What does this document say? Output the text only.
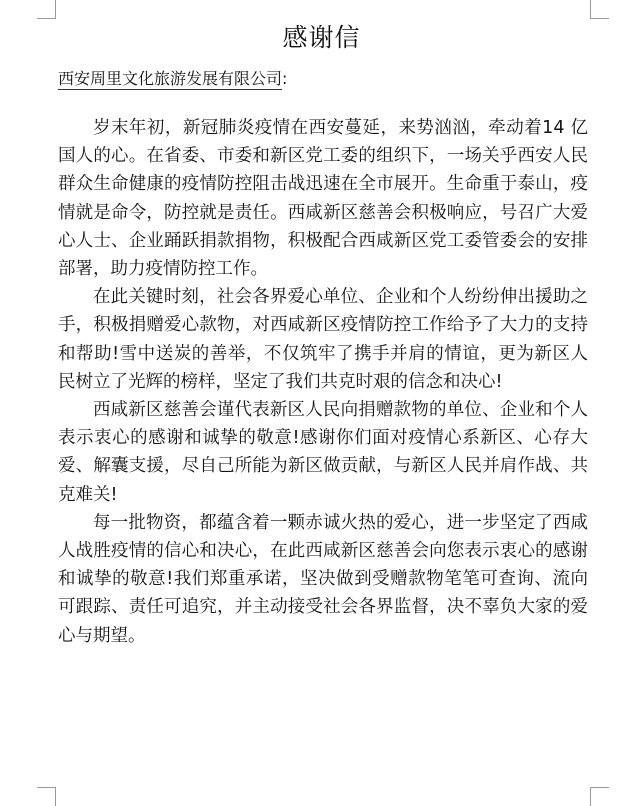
感谢信
西安周里文化旅游发展有限公司:

岁末年初，新冠肺炎疫情在西安蔓延，来势汹汹，牵动着14 亿国人的心。在省委、市委和新区党工委的组织下，一场关乎西安人民群众生命健康的疫情防控阻击战迅速在全市展开。生命重于泰山，疫情就是命令，防控就是责任。西咸新区慈善会积极响应，号召广大爱心人士、企业踊跃捐款捐物，积极配合西咸新区党工委管委会的安排部署，助力疫情防控工作。

在此关键时刻，社会各界爱心单位、企业和个人纷纷伸出援助之手，积极捐赠爱心款物，对西咸新区疫情防控工作给予了大力的支持和帮助!雪中送炭的善举，不仅筑牢了携手并肩的情谊，更为新区人民树立了光辉的榜样，坚定了我们共克时艰的信念和决心!

西咸新区慈善会谨代表新区人民向捐赠款物的单位、企业和个人表示衷心的感谢和诚挚的敬意!感谢你们面对疫情心系新区、心存大爱、解囊支援，尽自己所能为新区做贡献，与新区人民并肩作战、共克难关!

每一批物资，都蕴含着一颗赤诚火热的爱心，进一步坚定了西咸人战胜疫情的信心和决心，在此西咸新区慈善会向您表示衷心的感谢和诚挚的敬意!我们郑重承诺，坚决做到受赠款物笔笔可查询、流向可跟踪、责任可追究，并主动接受社会各界监督，决不辜负大家的爱心与期望。
